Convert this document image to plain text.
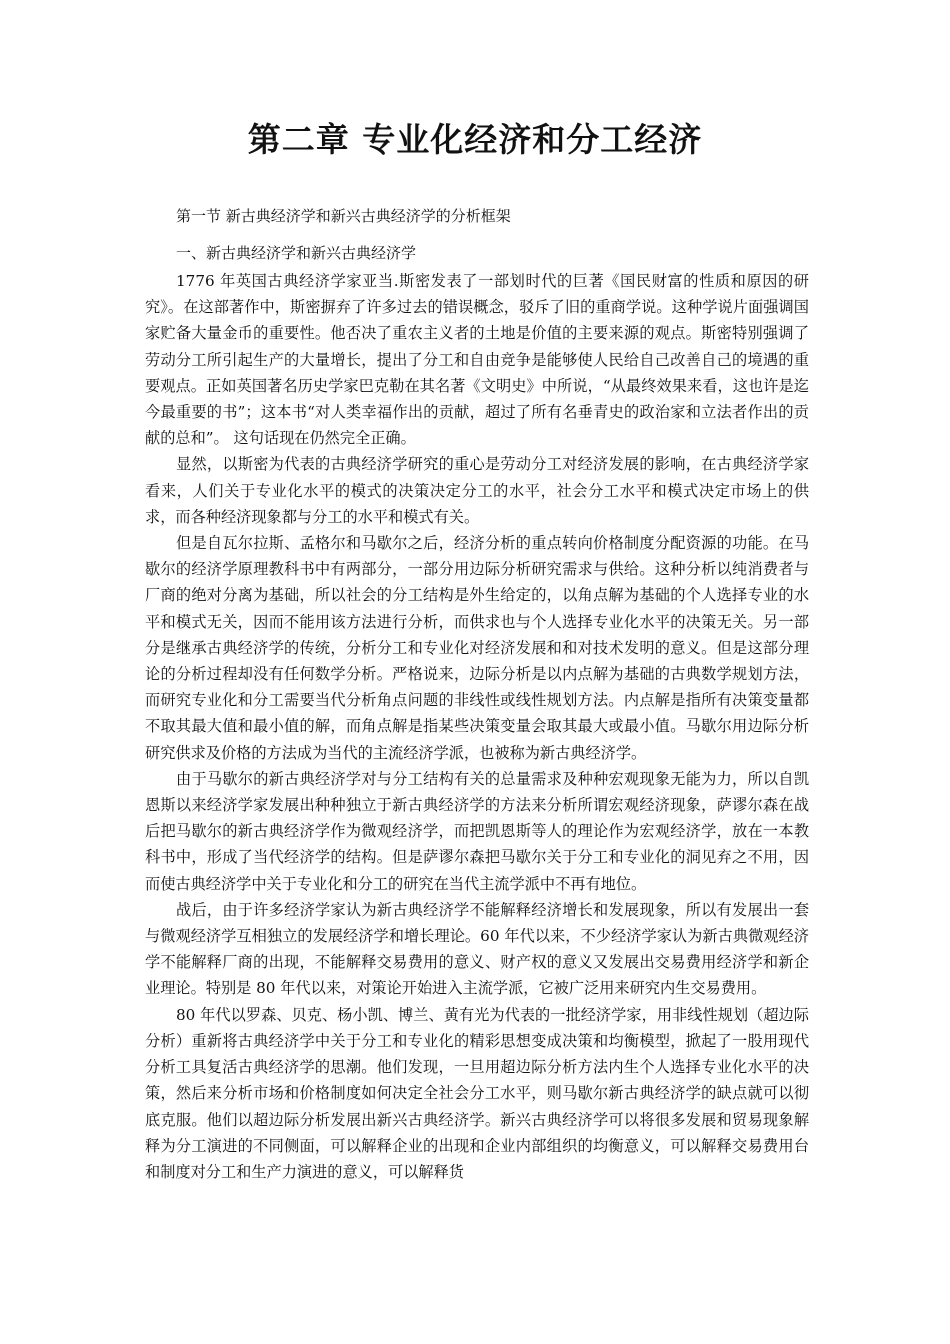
第二章 专业化经济和分工经济
第一节 新古典经济学和新兴古典经济学的分析框架
一、新古典经济学和新兴古典经济学

1776 年英国古典经济学家亚当.斯密发表了一部划时代的巨著《国民财富的性质和原因的研究》。在这部著作中，斯密摒弃了许多过去的错误概念，驳斥了旧的重商学说。这种学说片面强调国家贮备大量金币的重要性。他否决了重农主义者的土地是价值的主要来源的观点。斯密特别强调了劳动分工所引起生产的大量增长，提出了分工和自由竞争是能够使人民给自己改善自己的境遇的重要观点。正如英国著名历史学家巴克勒在其名著《文明史》中所说，“从最终效果来看，这也许是迄今最重要的书”；这本书“对人类幸福作出的贡献，超过了所有名垂青史的政治家和立法者作出的贡献的总和”。 这句话现在仍然完全正确。

显然，以斯密为代表的古典经济学研究的重心是劳动分工对经济发展的影响，在古典经济学家看来，人们关于专业化水平的模式的决策决定分工的水平，社会分工水平和模式决定市场上的供求，而各种经济现象都与分工的水平和模式有关。

但是自瓦尔拉斯、孟格尔和马歇尔之后，经济分析的重点转向价格制度分配资源的功能。在马歇尔的经济学原理教科书中有两部分，一部分用边际分析研究需求与供给。这种分析以纯消费者与厂商的绝对分离为基础，所以社会的分工结构是外生给定的，以角点解为基础的个人选择专业的水平和模式无关，因而不能用该方法进行分析，而供求也与个人选择专业化水平的决策无关。另一部分是继承古典经济学的传统，分析分工和专业化对经济发展和和对技术发明的意义。但是这部分理论的分析过程却没有任何数学分析。严格说来，边际分析是以内点解为基础的古典数学规划方法，而研究专业化和分工需要当代分析角点问题的非线性或线性规划方法。内点解是指所有决策变量都不取其最大值和最小值的解，而角点解是指某些决策变量会取其最大或最小值。马歇尔用边际分析研究供求及价格的方法成为当代的主流经济学派，也被称为新古典经济学。

由于马歇尔的新古典经济学对与分工结构有关的总量需求及种种宏观现象无能为力，所以自凯恩斯以来经济学家发展出种种独立于新古典经济学的方法来分析所谓宏观经济现象，萨谬尔森在战后把马歇尔的新古典经济学作为微观经济学，而把凯恩斯等人的理论作为宏观经济学，放在一本教科书中，形成了当代经济学的结构。但是萨谬尔森把马歇尔关于分工和专业化的洞见弃之不用，因而使古典经济学中关于专业化和分工的研究在当代主流学派中不再有地位。

战后，由于许多经济学家认为新古典经济学不能解释经济增长和发展现象，所以有发展出一套与微观经济学互相独立的发展经济学和增长理论。60 年代以来，不少经济学家认为新古典微观经济学不能解释厂商的出现，不能解释交易费用的意义、财产权的意义又发展出交易费用经济学和新企业理论。特别是 80 年代以来，对策论开始进入主流学派，它被广泛用来研究内生交易费用。

80 年代以罗森、贝克、杨小凯、博兰、黄有光为代表的一批经济学家，用非线性规划（超边际分析）重新将古典经济学中关于分工和专业化的精彩思想变成决策和均衡模型，掀起了一股用现代分析工具复活古典经济学的思潮。他们发现，一旦用超边际分析方法内生个人选择专业化水平的决策，然后来分析市场和价格制度如何决定全社会分工水平，则马歇尔新古典经济学的缺点就可以彻底克服。他们以超边际分析发展出新兴古典经济学。新兴古典经济学可以将很多发展和贸易现象解释为分工演进的不同侧面，可以解释企业的出现和企业内部组织的均衡意义，可以解释交易费用台和制度对分工和生产力演进的意义，可以解释货
